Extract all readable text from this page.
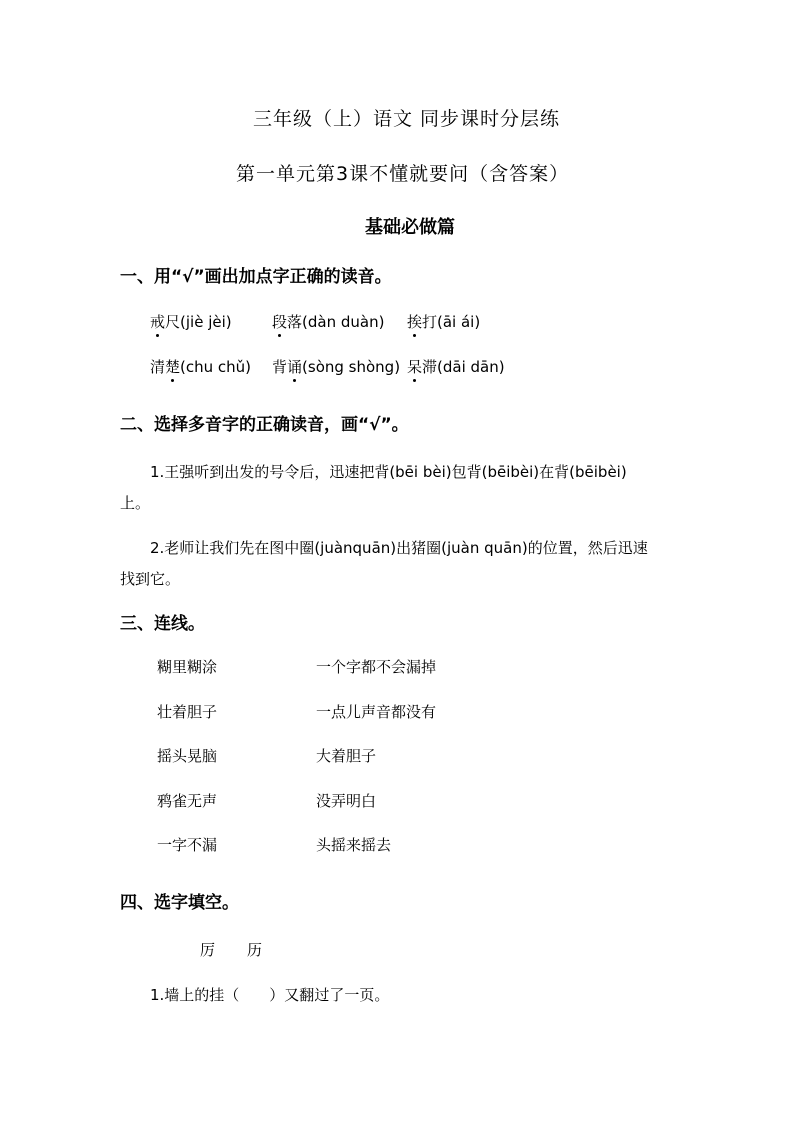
三年级（上）语文 同步课时分层练
第一单元第3课不懂就要问（含答案）
基础必做篇
一、用“√”画出加点字正确的读音。
戒尺(jiè jèi)	段落(dàn duàn) 挨打(āi ái)
清楚(chu chǔ) 背诵(sòng shòng) 呆滞(dāi dān)
二、选择多音字的正确读音，画“√”。
1.王强听到出发的号令后，迅速把背(bēi bèi)包背(bēibèi)在背(bēibèi)
上。
2.老师让我们先在图中圈(juànquān)出猪圈(juàn quān)的位置，然后迅速
找到它。
三、连线。
糊里糊涂
壮着胆子
摇头晃脑
鸦雀无声
一字不漏
一个字都不会漏掉
一点儿声音都没有
大着胆子
没弄明白
头摇来摇去
四、选字填空。
厉 历
1.墙上的挂（　　）又翻过了一页。
